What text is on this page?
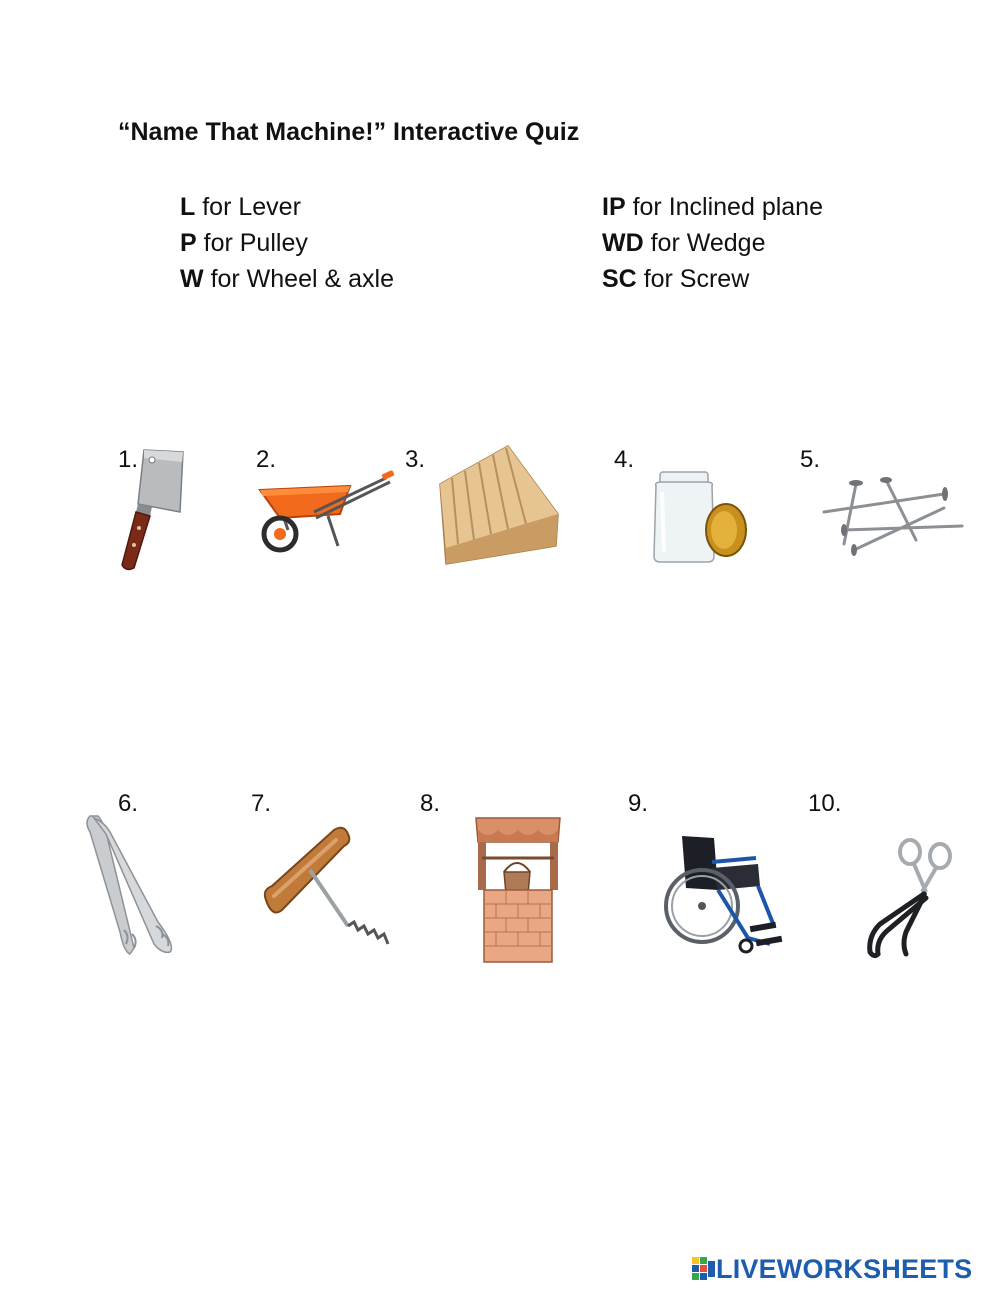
“Name That Machine!” Interactive Quiz
L for Lever
P for Pulley
W for Wheel & axle
IP for Inclined plane
WD for Wedge
SC for Screw
1.	2.	3.	4.	5.
6.	7.	8.	9.	10.
LIVEWORKSHEETS
